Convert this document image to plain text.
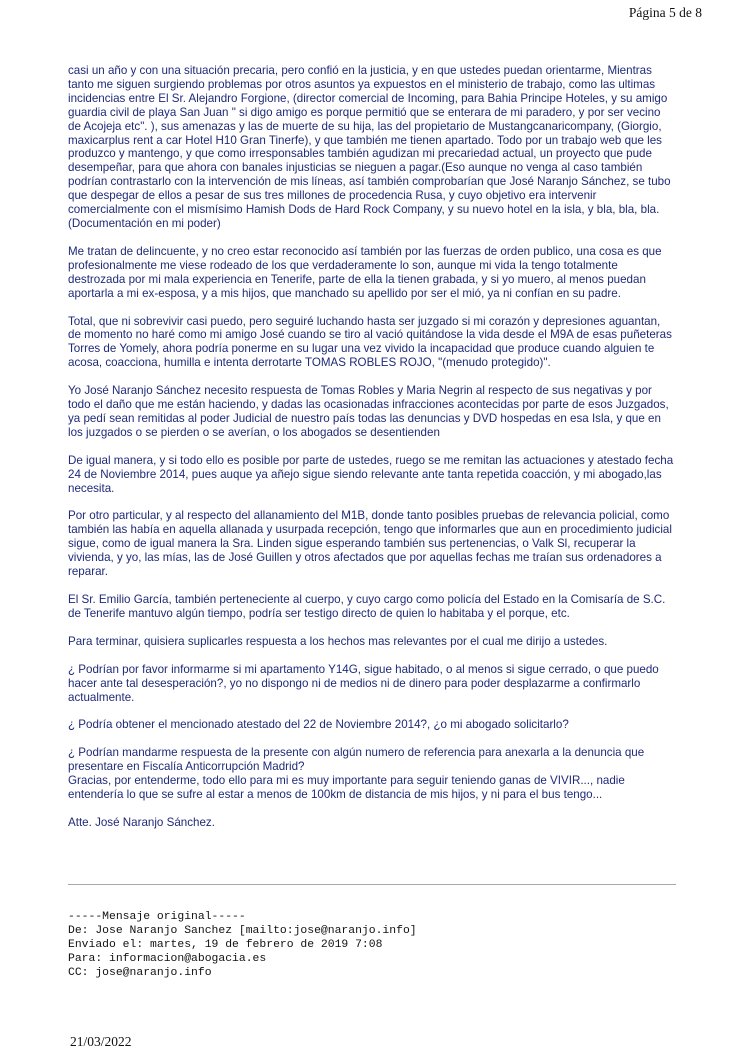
Página 5 de 8

casi un año y con una situación precaria, pero confió en la justicia, y en que ustedes puedan orientarme, Mientras tanto me siguen surgiendo problemas por otros asuntos ya expuestos en el ministerio de trabajo, como las ultimas incidencias entre El Sr. Alejandro Forgione, (director comercial de Incoming, para Bahia Principe Hoteles, y su amigo guardia civil de playa San Juan " si digo amigo es porque permitió que se enterara de mi paradero, y por ser vecino de Acojeja etc". ), sus amenazas y las de muerte de su hija, las del propietario de Mustangcanaricompany, (Giorgio, maxicarplus rent a car Hotel H10 Gran Tinerfe), y que también me tienen apartado. Todo por un trabajo web que les produzco y mantengo, y que como irresponsables también agudizan mi precariedad actual, un proyecto que pude desempeñar, para que ahora con banales injusticias se nieguen a pagar.(Eso aunque no venga al caso también podrían contrastarlo con la intervención de mis líneas, así también comprobarían que José Naranjo Sánchez, se tubo que despegar de ellos a pesar de sus tres millones de procedencia Rusa, y cuyo objetivo era intervenir comercialmente con el mismísimo Hamish Dods de Hard Rock Company, y su nuevo hotel en la isla, y bla, bla, bla.(Documentación en mi poder)

Me tratan de delincuente, y no creo estar reconocido así también por las fuerzas de orden publico, una cosa es que profesionalmente me viese rodeado de los que verdaderamente lo son, aunque mi vida la tengo totalmente destrozada por mi mala experiencia en Tenerife, parte de ella la tienen grabada, y si yo muero, al menos puedan aportarla a mi ex-esposa, y a mis hijos, que manchado su apellido por ser el mió, ya ni confían en su padre.

Total, que ni sobrevivir casi puedo, pero seguiré luchando hasta ser juzgado si mi corazón y depresiones aguantan, de momento no haré como mi amigo José cuando se tiro al vació quitándose la vida desde el M9A de esas puñeteras Torres de Yomely, ahora podría ponerme en su lugar una vez vivido la incapacidad que produce cuando alguien te acosa, coacciona, humilla e intenta derrotarte TOMAS ROBLES ROJO, "(menudo protegido)".

Yo José Naranjo Sánchez necesito respuesta de Tomas Robles y Maria Negrin al respecto de sus negativas y por todo el daño que me están haciendo, y dadas las ocasionadas infracciones acontecidas por parte de esos Juzgados, ya pedí sean remitidas al poder Judicial de nuestro país todas las denuncias y DVD hospedas en esa Isla, y que en los juzgados o se pierden o se averían, o los abogados se desentienden

De igual manera, y si todo ello es posible por parte de ustedes, ruego se me remitan las actuaciones y atestado fecha 24 de Noviembre 2014, pues auque ya añejo sigue siendo relevante ante tanta repetida coacción, y mi abogado,las necesita.

Por otro particular, y al respecto del allanamiento del M1B, donde tanto posibles pruebas de relevancia policial, como también las había en aquella allanada y usurpada recepción, tengo que informarles que aun en procedimiento judicial sigue, como de igual manera la Sra. Linden sigue esperando también sus pertenencias, o Valk Sl, recuperar la vivienda, y yo, las mías, las de José Guillen y otros afectados que por aquellas fechas me traían sus ordenadores a reparar.

El Sr. Emilio García, también perteneciente al cuerpo, y cuyo cargo como policía del Estado en la Comisaría de S.C. de Tenerife mantuvo algún tiempo, podría ser testigo directo de quien lo habitaba y el porque, etc.

Para terminar, quisiera suplicarles respuesta a los hechos mas relevantes por el cual me dirijo a ustedes.

¿ Podrían por favor informarme si mi apartamento Y14G, sigue habitado, o al menos si sigue cerrado, o que puedo hacer ante tal desesperación?, yo no dispongo ni de medios ni de dinero para poder desplazarme a confirmarlo actualmente.

¿ Podría obtener el mencionado atestado del 22 de Noviembre 2014?, ¿o mi abogado solicitarlo?

¿ Podrían mandarme respuesta de la presente con algún numero de referencia para anexarla a la denuncia que presentare en Fiscalía Anticorrupción Madrid?

Gracias, por entenderme, todo ello para mi es muy importante para seguir teniendo ganas de VIVIR..., nadie entendería lo que se sufre al estar a menos de 100km de distancia de mis hijos, y ni para el bus tengo...

Atte. José Naranjo Sánchez.

-----Mensaje original-----
De: Jose Naranjo Sanchez [mailto:jose@naranjo.info]
Enviado el: martes, 19 de febrero de 2019 7:08
Para: informacion@abogacia.es
CC: jose@naranjo.info
21/03/2022
